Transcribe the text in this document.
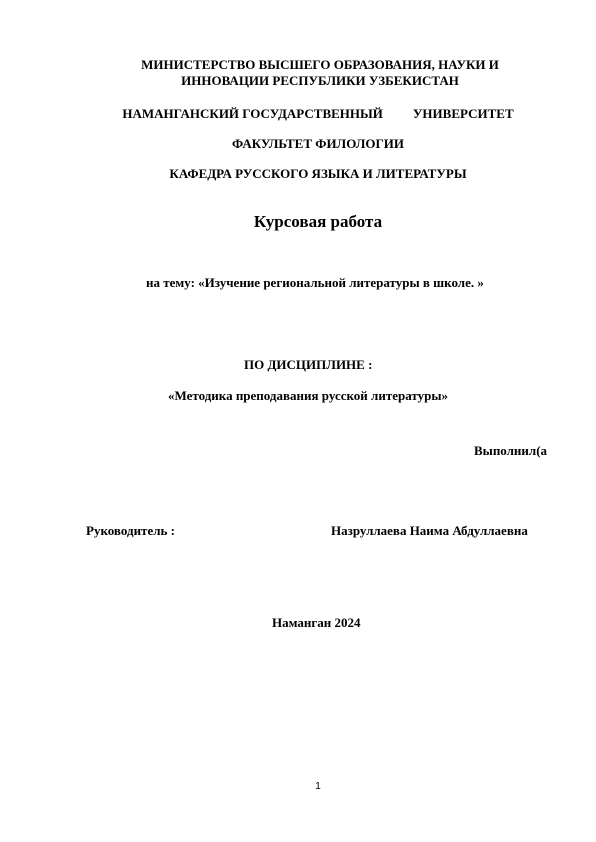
МИНИСТЕРСТВО ВЫСШЕГО ОБРАЗОВАНИЯ, НАУКИ И
ИННОВАЦИИ РЕСПУБЛИКИ УЗБЕКИСТАН
НАМАНГАНСКИЙ ГОСУДАРСТВЕННЫЙ УНИВЕРСИТЕТ
ФАКУЛЬТЕТ ФИЛОЛОГИИ
КАФЕДРА РУССКОГО ЯЗЫКА И ЛИТЕРАТУРЫ
Курсовая работа
на тему: «Изучение региональной литературы в школе. »
ПО ДИСЦИПЛИНЕ :
«Методика преподавания русской литературы»
Выполнил(а
Руководитель :	Назруллаева Наима Абдуллаевна
Наманган 2024
1
